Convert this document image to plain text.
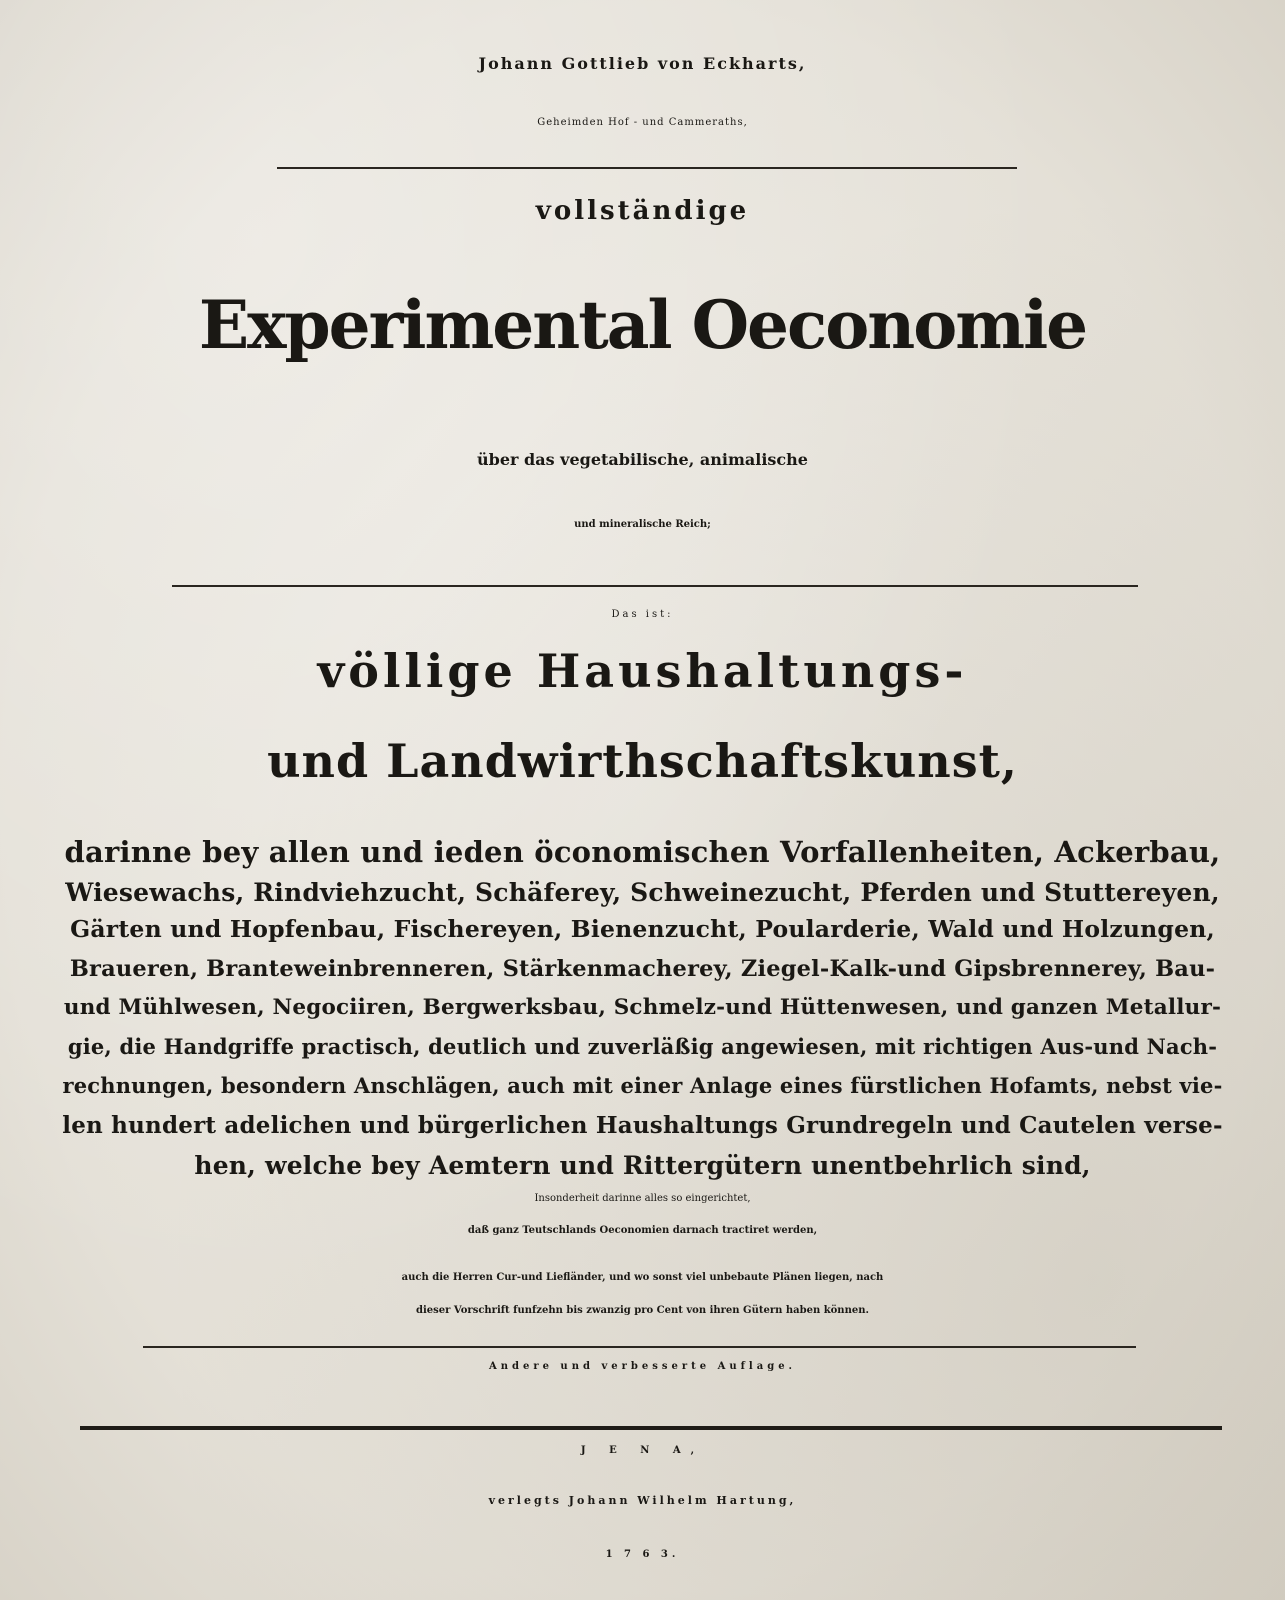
Johann Gottlieb von Eckharts,
Geheimden Hof - und Cammeraths,
vollständige
Experimental Oeconomie
über das vegetabilische, animalische
und mineralische Reich;
Das ist:
völlige Haushaltungs-
und Landwirthschaftskunst,
darinne bey allen und ieden öconomischen Vorfallenheiten, Ackerbau,
Wiesewachs, Rindviehzucht, Schäferey, Schweinezucht, Pferden und Stuttereyen,
Gärten und Hopfenbau, Fischereyen, Bienenzucht, Poularderie, Wald und Holzungen,
Braueren, Branteweinbrenneren, Stärkenmacherey, Ziegel-Kalk-und Gipsbrennerey, Bau-
und Mühlwesen, Negociiren, Bergwerksbau, Schmelz-und Hüttenwesen, und ganzen Metallur-
gie, die Handgriffe practisch, deutlich und zuverläßig angewiesen, mit richtigen Aus-und Nach-
rechnungen, besondern Anschlägen, auch mit einer Anlage eines fürstlichen Hofamts, nebst vie-
len hundert adelichen und bürgerlichen Haushaltungs Grundregeln und Cautelen verse-
hen, welche bey Aemtern und Rittergütern unentbehrlich sind,
Insonderheit darinne alles so eingerichtet,
daß ganz Teutschlands Oeconomien darnach tractiret werden,
auch die Herren Cur-und Liefländer, und wo sonst viel unbebaute Plänen liegen, nach
dieser Vorschrift funfzehn bis zwanzig pro Cent von ihren Gütern haben können.
Andere und verbesserte Auflage.
J E N A,
verlegts Johann Wilhelm Hartung,
1 7 6 3.
